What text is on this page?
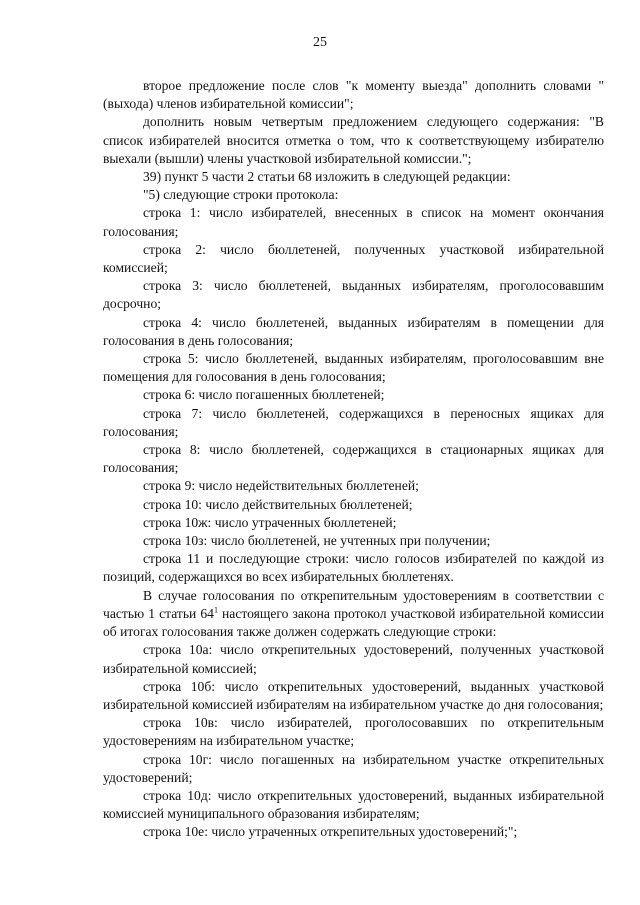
25

второе предложение после слов "к моменту выезда" дополнить словами "(выхода) членов избирательной комиссии";

дополнить новым четвертым предложением следующего содержания: "В список избирателей вносится отметка о том, что к соответствующему избирателю выехали (вышли) члены участковой избирательной комиссии.";

39) пункт 5 части 2 статьи 68 изложить в следующей редакции:

"5) следующие строки протокола:

строка 1: число избирателей, внесенных в список на момент окончания голосования;

строка 2: число бюллетеней, полученных участковой избирательной комиссией;

строка 3: число бюллетеней, выданных избирателям, проголосовавшим досрочно;

строка 4: число бюллетеней, выданных избирателям в помещении для голосования в день голосования;

строка 5: число бюллетеней, выданных избирателям, проголосовавшим вне помещения для голосования в день голосования;

строка 6: число погашенных бюллетеней;

строка 7: число бюллетеней, содержащихся в переносных ящиках для голосования;

строка 8: число бюллетеней, содержащихся в стационарных ящиках для голосования;

строка 9: число недействительных бюллетеней;

строка 10: число действительных бюллетеней;

строка 10ж: число утраченных бюллетеней;

строка 10з: число бюллетеней, не учтенных при получении;

строка 11 и последующие строки: число голосов избирателей по каждой из позиций, содержащихся во всех избирательных бюллетенях.

В случае голосования по открепительным удостоверениям в соответствии с частью 1 статьи $64^1$ настоящего закона протокол участковой избирательной комиссии об итогах голосования также должен содержать следующие строки:

строка 10а: число открепительных удостоверений, полученных участковой избирательной комиссией;

строка 10б: число открепительных удостоверений, выданных участковой избирательной комиссией избирателям на избирательном участке до дня голосования;

строка 10в: число избирателей, проголосовавших по открепительным удостоверениям на избирательном участке;

строка 10г: число погашенных на избирательном участке открепительных удостоверений;

строка 10д: число открепительных удостоверений, выданных избирательной комиссией муниципального образования избирателям;

строка 10е: число утраченных открепительных удостоверений;";
